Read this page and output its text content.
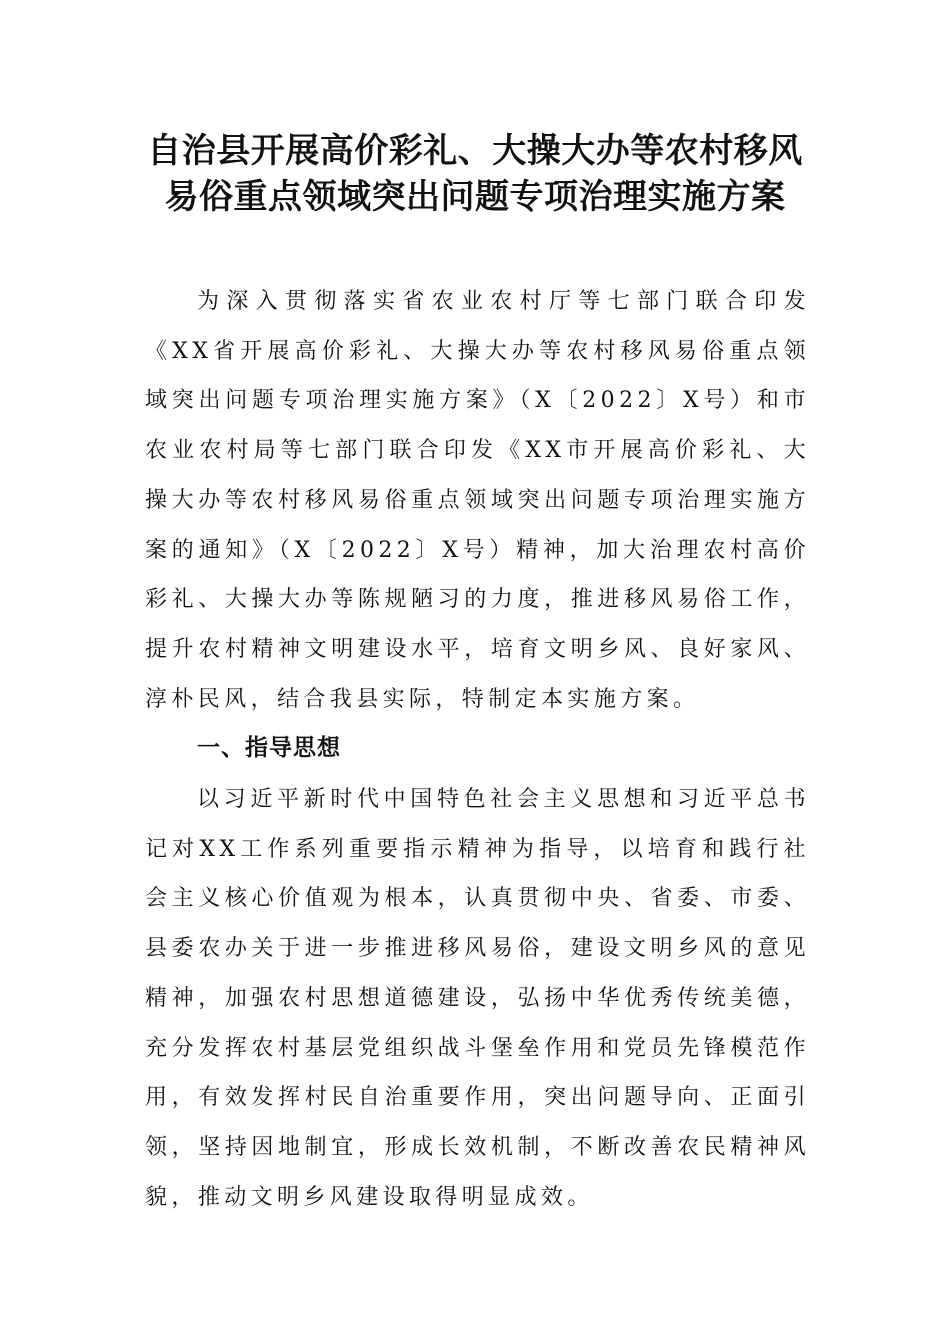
自治县开展高价彩礼、大操大办等农村移风易俗重点领域突出问题专项治理实施方案

为深入贯彻落实省农业农村厅等七部门联合印发《XX省开展高价彩礼、大操大办等农村移风易俗重点领域突出问题专项治理实施方案》（X〔2022〕X号）和市农业农村局等七部门联合印发《XX市开展高价彩礼、大操大办等农村移风易俗重点领域突出问题专项治理实施方案的通知》（X〔2022〕X号）精神，加大治理农村高价彩礼、大操大办等陈规陋习的力度，推进移风易俗工作，提升农村精神文明建设水平，培育文明乡风、良好家风、淳朴民风，结合我县实际，特制定本实施方案。

一、指导思想

以习近平新时代中国特色社会主义思想和习近平总书记对XX工作系列重要指示精神为指导，以培育和践行社会主义核心价值观为根本，认真贯彻中央、省委、市委、县委农办关于进一步推进移风易俗，建设文明乡风的意见精神，加强农村思想道德建设，弘扬中华优秀传统美德，充分发挥农村基层党组织战斗堡垒作用和党员先锋模范作用，有效发挥村民自治重要作用，突出问题导向、正面引领，坚持因地制宜，形成长效机制，不断改善农民精神风貌，推动文明乡风建设取得明显成效。
